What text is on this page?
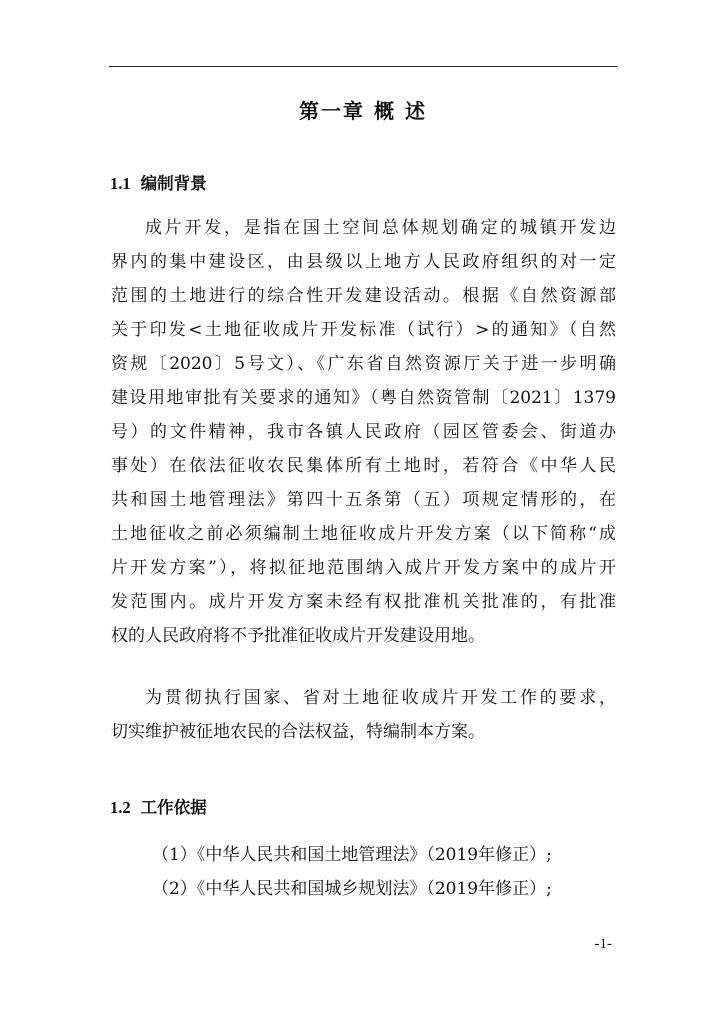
第一章 概 述
1.1 编制背景
成片开发，是指在国土空间总体规划确定的城镇开发边
界内的集中建设区，由县级以上地方人民政府组织的对一定
范围的土地进行的综合性开发建设活动。根据《自然资源部
关于印发<土地征收成片开发标准（试行）>的通知》（自然
资规〔2020〕5号文）、《广东省自然资源厅关于进一步明确
建设用地审批有关要求的通知》（粤自然资管制〔2021〕1379
号）的文件精神，我市各镇人民政府（园区管委会、街道办
事处）在依法征收农民集体所有土地时，若符合《中华人民
共和国土地管理法》第四十五条第（五）项规定情形的，在
土地征收之前必须编制土地征收成片开发方案（以下简称“成
片开发方案”），将拟征地范围纳入成片开发方案中的成片开
发范围内。成片开发方案未经有权批准机关批准的，有批准
权的人民政府将不予批准征收成片开发建设用地。
为贯彻执行国家、省对土地征收成片开发工作的要求，
切实维护被征地农民的合法权益，特编制本方案。
1.2 工作依据
（1）《中华人民共和国土地管理法》（2019年修正）;
（2）《中华人民共和国城乡规划法》（2019年修正）;
-1-
